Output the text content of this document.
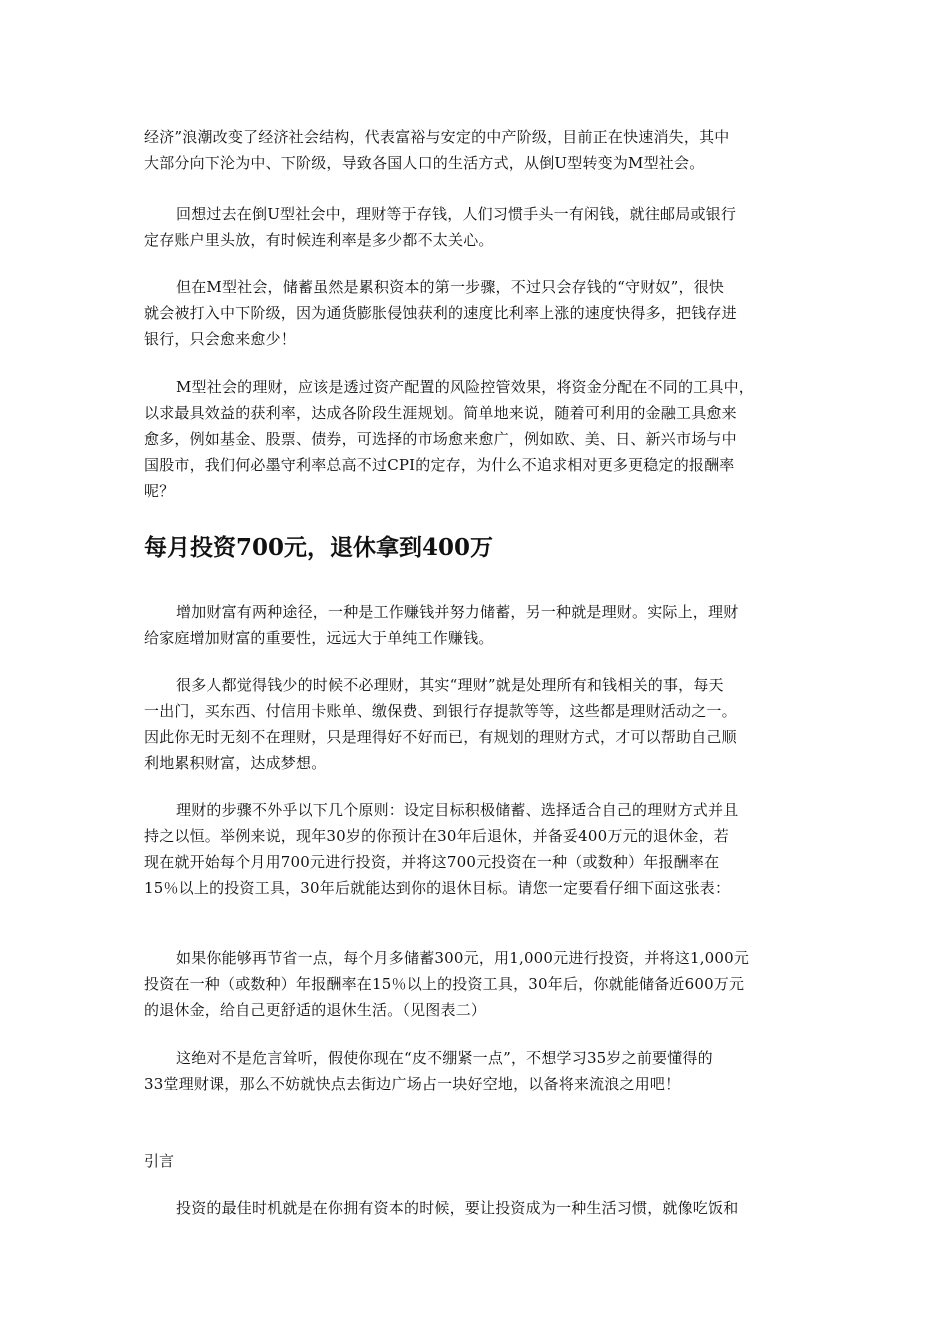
经济”浪潮改变了经济社会结构，代表富裕与安定的中产阶级，目前正在快速消失，其中
大部分向下沦为中、下阶级，导致各国人口的生活方式，从倒U型转变为M型社会。

回想过去在倒U型社会中，理财等于存钱，人们习惯手头一有闲钱，就往邮局或银行
定存账户里头放，有时候连利率是多少都不太关心。

但在M型社会，储蓄虽然是累积资本的第一步骤，不过只会存钱的“守财奴”，很快
就会被打入中下阶级，因为通货膨胀侵蚀获利的速度比利率上涨的速度快得多，把钱存进
银行，只会愈来愈少！

M型社会的理财，应该是透过资产配置的风险控管效果，将资金分配在不同的工具中，
以求最具效益的获利率，达成各阶段生涯规划。简单地来说，随着可利用的金融工具愈来
愈多，例如基金、股票、债券，可选择的市场愈来愈广，例如欧、美、日、新兴市场与中
国股市，我们何必墨守利率总高不过CPI的定存，为什么不追求相对更多更稳定的报酬率
呢？

每月投资700元，退休拿到400万

增加财富有两种途径，一种是工作赚钱并努力储蓄，另一种就是理财。实际上，理财
给家庭增加财富的重要性，远远大于单纯工作赚钱。

很多人都觉得钱少的时候不必理财，其实“理财”就是处理所有和钱相关的事，每天
一出门，买东西、付信用卡账单、缴保费、到银行存提款等等，这些都是理财活动之一。
因此你无时无刻不在理财，只是理得好不好而已，有规划的理财方式，才可以帮助自己顺
利地累积财富，达成梦想。

理财的步骤不外乎以下几个原则：设定目标积极储蓄、选择适合自己的理财方式并且
持之以恒。举例来说，现年30岁的你预计在30年后退休，并备妥400万元的退休金，若
现在就开始每个月用700元进行投资，并将这700元投资在一种（或数种）年报酬率在
15％以上的投资工具，30年后就能达到你的退休目标。请您一定要看仔细下面这张表：

如果你能够再节省一点，每个月多储蓄300元，用1,000元进行投资，并将这1,000元
投资在一种（或数种）年报酬率在15％以上的投资工具，30年后，你就能储备近600万元
的退休金，给自己更舒适的退休生活。（见图表二）

这绝对不是危言耸听，假使你现在“皮不绷紧一点”，不想学习35岁之前要懂得的
33堂理财课，那么不妨就快点去街边广场占一块好空地，以备将来流浪之用吧！

引言

投资的最佳时机就是在你拥有资本的时候，要让投资成为一种生活习惯，就像吃饭和
